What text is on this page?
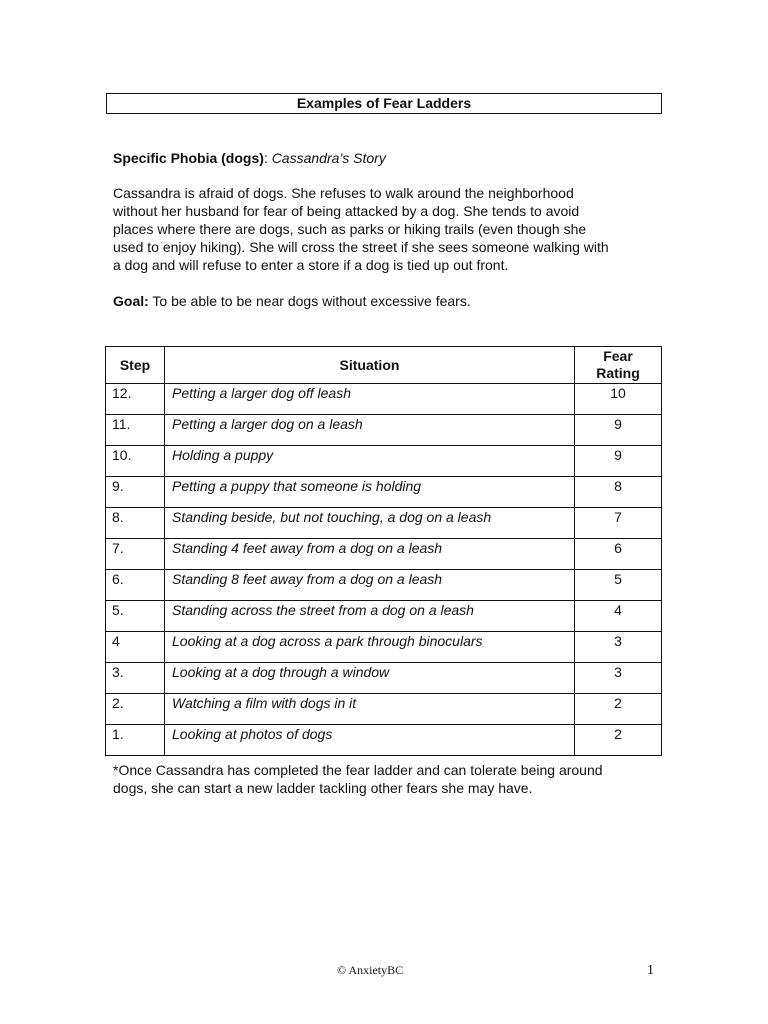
Examples of Fear Ladders
Specific Phobia (dogs): Cassandra’s Story
Cassandra is afraid of dogs. She refuses to walk around the neighborhood
without her husband for fear of being attacked by a dog. She tends to avoid
places where there are dogs, such as parks or hiking trails (even though she
used to enjoy hiking). She will cross the street if she sees someone walking with
a dog and will refuse to enter a store if a dog is tied up out front.
Goal: To be able to be near dogs without excessive fears.
Step	Situation	Fear
Rating
12.	Petting a larger dog off leash	10
11.	Petting a larger dog on a leash	9
10.	Holding a puppy	9
9.	Petting a puppy that someone is holding	8
8.	Standing beside, but not touching, a dog on a leash	7
7.	Standing 4 feet away from a dog on a leash	6
6.	Standing 8 feet away from a dog on a leash	5
5.	Standing across the street from a dog on a leash	4
4	Looking at a dog across a park through binoculars	3
3.	Looking at a dog through a window	3
2.	Watching a film with dogs in it	2
1.	Looking at photos of dogs	2
*Once Cassandra has completed the fear ladder and can tolerate being around
dogs, she can start a new ladder tackling other fears she may have.
© AnxietyBC	1
